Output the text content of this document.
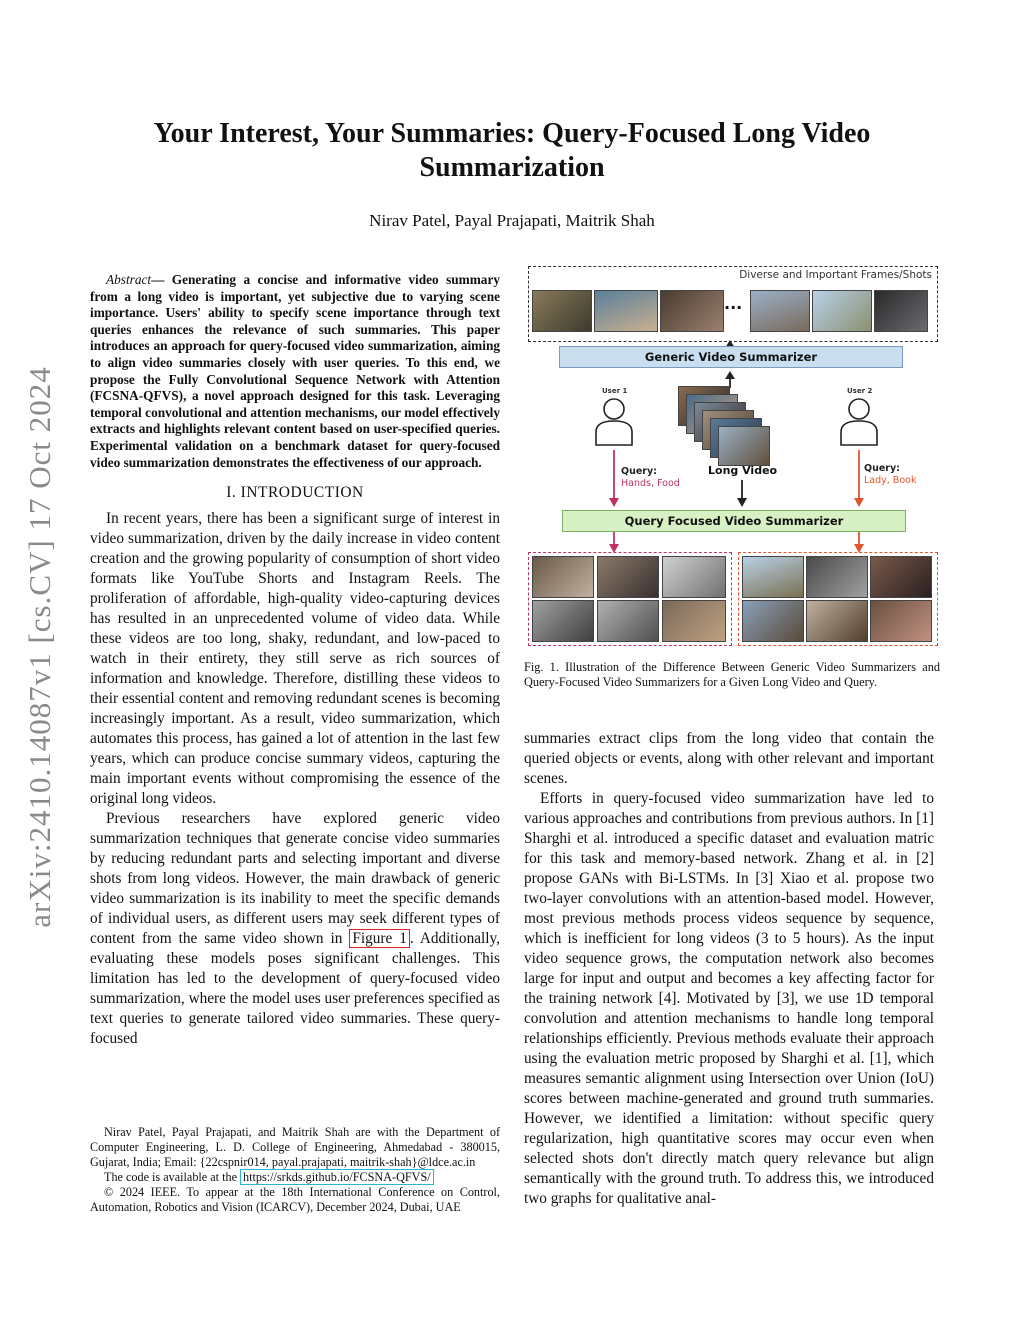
arXiv:2410.14087v1 [cs.CV] 17 Oct 2024
Your Interest, Your Summaries: Query-Focused Long Video Summarization
Nirav Patel, Payal Prajapati, Maitrik Shah

Abstract— Generating a concise and informative video summary from a long video is important, yet subjective due to varying scene importance. Users' ability to specify scene importance through text queries enhances the relevance of such summaries. This paper introduces an approach for query-focused video summarization, aiming to align video summaries closely with user queries. To this end, we propose the Fully Convolutional Sequence Network with Attention (FCSNA-QFVS), a novel approach designed for this task. Leveraging temporal convolutional and attention mechanisms, our model effectively extracts and highlights relevant content based on user-specified queries. Experimental validation on a benchmark dataset for query-focused video summarization demonstrates the effectiveness of our approach.

I. INTRODUCTION

In recent years, there has been a significant surge of interest in video summarization, driven by the daily increase in video content creation and the growing popularity of consumption of short video formats like YouTube Shorts and Instagram Reels. The proliferation of affordable, high-quality video-capturing devices has resulted in an unprecedented volume of video data. While these videos are too long, shaky, redundant, and low-paced to watch in their entirety, they still serve as rich sources of information and knowledge. Therefore, distilling these videos to their essential content and removing redundant scenes is becoming increasingly important. As a result, video summarization, which automates this process, has gained a lot of attention in the last few years, which can produce concise summary videos, capturing the main important events without compromising the essence of the original long videos.

Previous researchers have explored generic video summarization techniques that generate concise video summaries by reducing redundant parts and selecting important and diverse shots from long videos. However, the main drawback of generic video summarization is its inability to meet the specific demands of individual users, as different users may seek different types of content from the same video shown in Figure 1 . Additionally, evaluating these models poses significant challenges. This limitation has led to the development of query-focused video summarization, where the model uses user preferences specified as text queries to generate tailored video summaries. These query-focused

Nirav Patel, Payal Prajapati, and Maitrik Shah are with the Department of Computer Engineering, L. D. College of Engineering, Ahmedabad - 380015, Gujarat, India; Email: {22cspnir014, payal.prajapati, maitrik-shah}@ldce.ac.in

The code is available at the https://srkds.github.io/FCSNA-QFVS/

© 2024 IEEE. To appear at the 18th International Conference on Control, Automation, Robotics and Vision (ICARCV), December 2024, Dubai, UAE

Diverse and Important Frames/Shots
...
Generic Video Summarizer
User 1	User 2
Query:
Hands, Food
Long Video	Query:
Lady, Book
Query Focused Video Summarizer
Fig. 1. Illustration of the Difference Between Generic Video Summarizers and Query-Focused Video Summarizers for a Given Long Video and Query.

summaries extract clips from the long video that contain the queried objects or events, along with other relevant and important scenes.

Efforts in query-focused video summarization have led to various approaches and contributions from previous authors. In [1] Sharghi et al. introduced a specific dataset and evaluation matric for this task and memory-based network. Zhang et al. in [2] propose GANs with Bi-LSTMs. In [3] Xiao et al. propose two two-layer convolutions with an attention-based model. However, most previous methods process videos sequence by sequence, which is inefficient for long videos (3 to 5 hours). As the input video sequence grows, the computation network also becomes large for input and output and becomes a key affecting factor for the training network [4]. Motivated by [3], we use 1D temporal convolution and attention mechanisms to handle long temporal relationships efficiently. Previous methods evaluate their approach using the evaluation metric proposed by Sharghi et al. [1], which measures semantic alignment using Intersection over Union (IoU) scores between machine-generated and ground truth summaries. However, we identified a limitation: without specific query regularization, high quantitative scores may occur even when selected shots don't directly match query relevance but align semantically with the ground truth. To address this, we introduced two graphs for qualitative anal-
